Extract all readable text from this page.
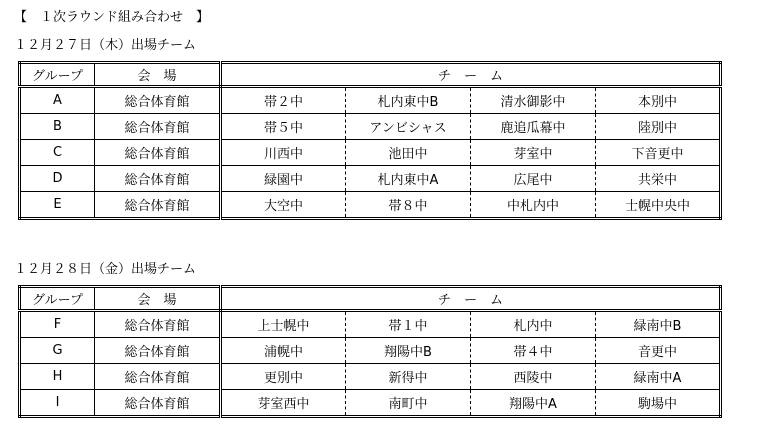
【　１次ラウンド組み合わせ　】
１２月２７日（木）出場チーム
グループ	会　場	チ　ー　ム			
A	総合体育館	帯２中	札内東中B	清水御影中	本別中
B	総合体育館	帯５中	アンビシャス	鹿追瓜幕中	陸別中
C	総合体育館	川西中	池田中	芽室中	下音更中
D	総合体育館	緑園中	札内東中A	広尾中	共栄中
E	総合体育館	大空中	帯８中	中札内中	士幌中央中
１２月２８日（金）出場チーム
グループ	会　場	チ　ー　ム			
F	総合体育館	上士幌中	帯１中	札内中	緑南中B
G	総合体育館	浦幌中	翔陽中B	帯４中	音更中
H	総合体育館	更別中	新得中	西陵中	緑南中A
I	総合体育館	芽室西中	南町中	翔陽中A	駒場中
